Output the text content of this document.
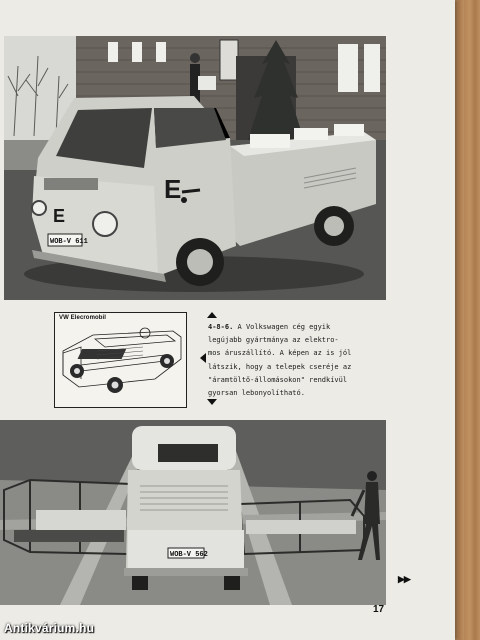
E
E
WOB-V 611
VW Elecromobil
4-8-6. A Volkswagen cég egyik
legújabb gyártmánya az elektro-
mos áruszállító. A képen az is jól
látszik, hogy a telepek cseréje az
"áramtöltő-állomásokon" rendkívül
gyorsan lebonyolítható.
WOB-V 562
▶▶
17
Antikvárium.hu
